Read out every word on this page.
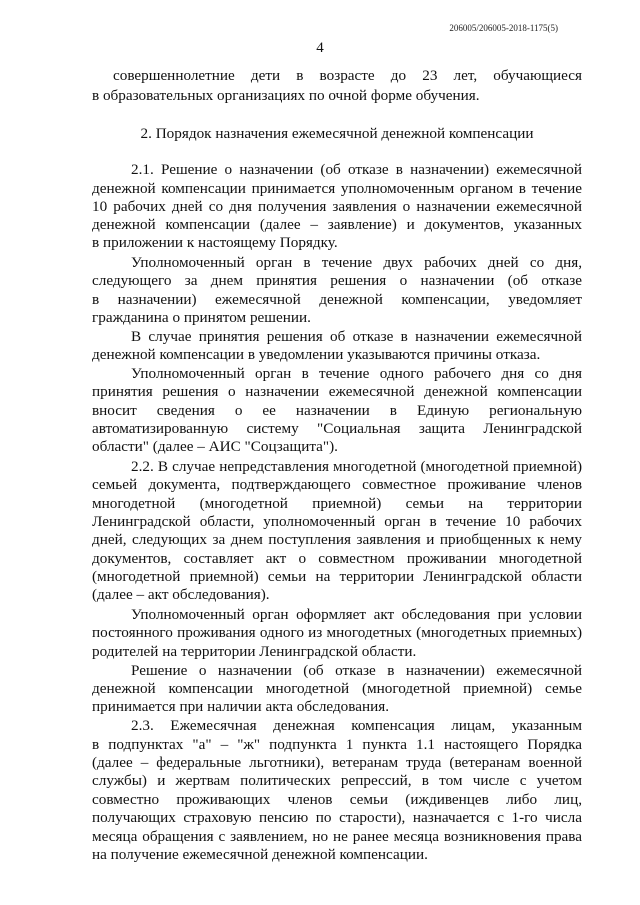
206005/206005-2018-1175(5)
4
совершеннолетние дети в возрасте до 23 лет, обучающиеся
в образовательных организациях по очной форме обучения.
2. Порядок назначения ежемесячной денежной компенсации
2.1. Решение о назначении (об отказе в назначении) ежемесячной
денежной компенсации принимается уполномоченным органом в течение
10 рабочих дней со дня получения заявления о назначении ежемесячной
денежной компенсации (далее – заявление) и документов, указанных
в приложении к настоящему Порядку.
Уполномоченный орган в течение двух рабочих дней со дня,
следующего за днем принятия решения о назначении (об отказе
в назначении) ежемесячной денежной компенсации, уведомляет
гражданина о принятом решении.
В случае принятия решения об отказе в назначении ежемесячной
денежной компенсации в уведомлении указываются причины отказа.
Уполномоченный орган в течение одного рабочего дня со дня
принятия решения о назначении ежемесячной денежной компенсации
вносит сведения о ее назначении в Единую региональную
автоматизированную систему "Социальная защита Ленинградской
области" (далее – АИС "Соцзащита").
2.2. В случае непредставления многодетной (многодетной приемной)
семьей документа, подтверждающего совместное проживание членов
многодетной (многодетной приемной) семьи на территории
Ленинградской области, уполномоченный орган в течение 10 рабочих
дней, следующих за днем поступления заявления и приобщенных к нему
документов, составляет акт о совместном проживании многодетной
(многодетной приемной) семьи на территории Ленинградской области
(далее – акт обследования).
Уполномоченный орган оформляет акт обследования при условии
постоянного проживания одного из многодетных (многодетных приемных)
родителей на территории Ленинградской области.
Решение о назначении (об отказе в назначении) ежемесячной
денежной компенсации многодетной (многодетной приемной) семье
принимается при наличии акта обследования.
2.3. Ежемесячная денежная компенсация лицам, указанным
в подпунктах "а" – "ж" подпункта 1 пункта 1.1 настоящего Порядка
(далее – федеральные льготники), ветеранам труда (ветеранам военной
службы) и жертвам политических репрессий, в том числе с учетом
совместно проживающих членов семьи (иждивенцев либо лиц,
получающих страховую пенсию по старости), назначается с 1-го числа
месяца обращения с заявлением, но не ранее месяца возникновения права
на получение ежемесячной денежной компенсации.
